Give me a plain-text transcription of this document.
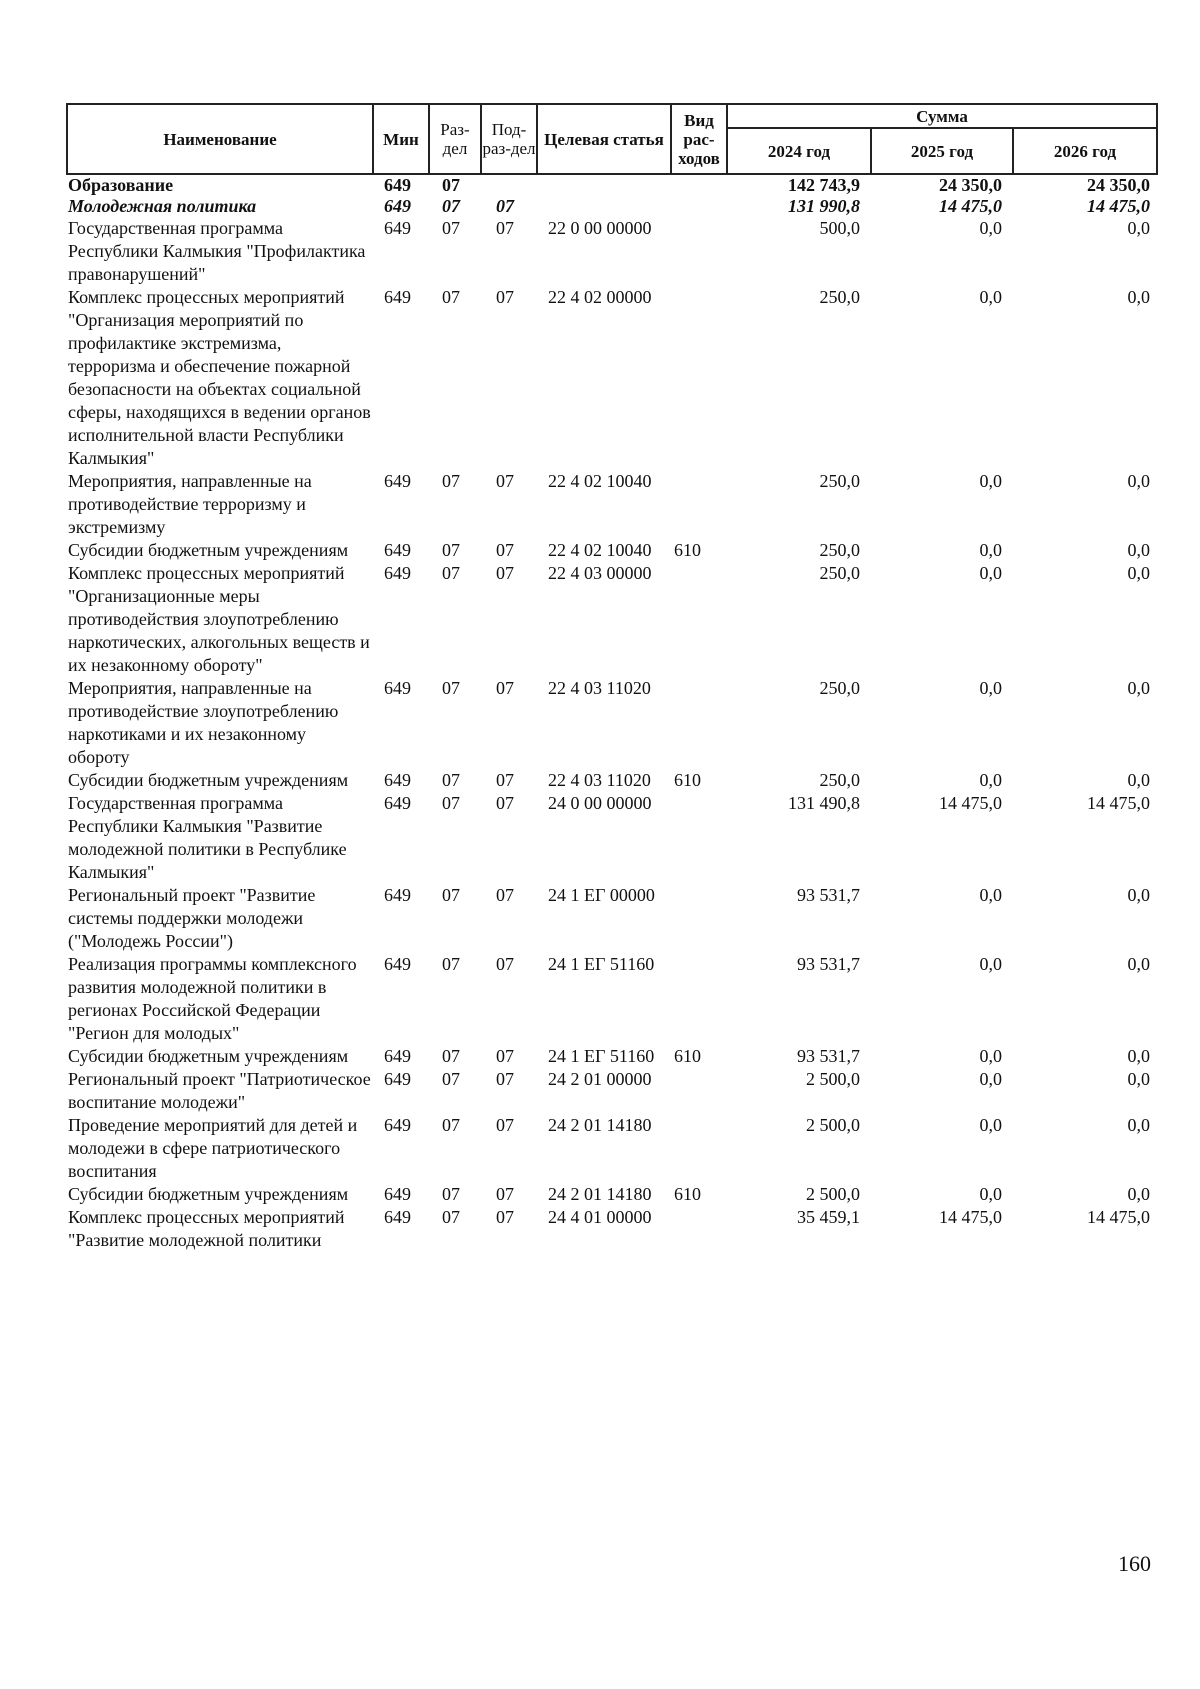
Наименование	Мин	Раз-дел	Под-раз-дел	Целевая статья	Вид рас-ходов	Сумма		
						2024 год	2025 год	2026 год
Образование	649	07				142 743,9	24 350,0	24 350,0
Молодежная политика	649	07	07			131 990,8	14 475,0	14 475,0
Государственная программа Республики Калмыкия "Профилактика правонарушений"	649	07	07	22 0 00 00000		500,0	0,0	0,0
Комплекс процессных мероприятий "Организация мероприятий по профилактике экстремизма, терроризма и обеспечение пожарной безопасности на объектах социальной сферы, находящихся в ведении органов исполнительной власти Республики Калмыкия"	649	07	07	22 4 02 00000		250,0	0,0	0,0
Мероприятия, направленные на противодействие терроризму и экстремизму	649	07	07	22 4 02 10040		250,0	0,0	0,0
Субсидии бюджетным учреждениям	649	07	07	22 4 02 10040	610	250,0	0,0	0,0
Комплекс процессных мероприятий "Организационные меры противодействия злоупотреблению наркотических, алкогольных веществ и их незаконному обороту"	649	07	07	22 4 03 00000		250,0	0,0	0,0
Мероприятия, направленные на противодействие злоупотреблению наркотиками и их незаконному обороту	649	07	07	22 4 03 11020		250,0	0,0	0,0
Субсидии бюджетным учреждениям	649	07	07	22 4 03 11020	610	250,0	0,0	0,0
Государственная программа Республики Калмыкия "Развитие молодежной политики в Республике Калмыкия"	649	07	07	24 0 00 00000		131 490,8	14 475,0	14 475,0
Региональный проект "Развитие системы поддержки молодежи ("Молодежь России")	649	07	07	24 1 ЕГ 00000		93 531,7	0,0	0,0
Реализация программы комплексного развития молодежной политики в регионах Российской Федерации "Регион для молодых"	649	07	07	24 1 ЕГ 51160		93 531,7	0,0	0,0
Субсидии бюджетным учреждениям	649	07	07	24 1 ЕГ 51160	610	93 531,7	0,0	0,0
Региональный проект "Патриотическое воспитание молодежи"	649	07	07	24 2 01 00000		2 500,0	0,0	0,0
Проведение мероприятий для детей и молодежи в сфере патриотического воспитания	649	07	07	24 2 01 14180		2 500,0	0,0	0,0
Субсидии бюджетным учреждениям	649	07	07	24 2 01 14180	610	2 500,0	0,0	0,0
Комплекс процессных мероприятий "Развитие молодежной политики	649	07	07	24 4 01 00000		35 459,1	14 475,0	14 475,0
160
